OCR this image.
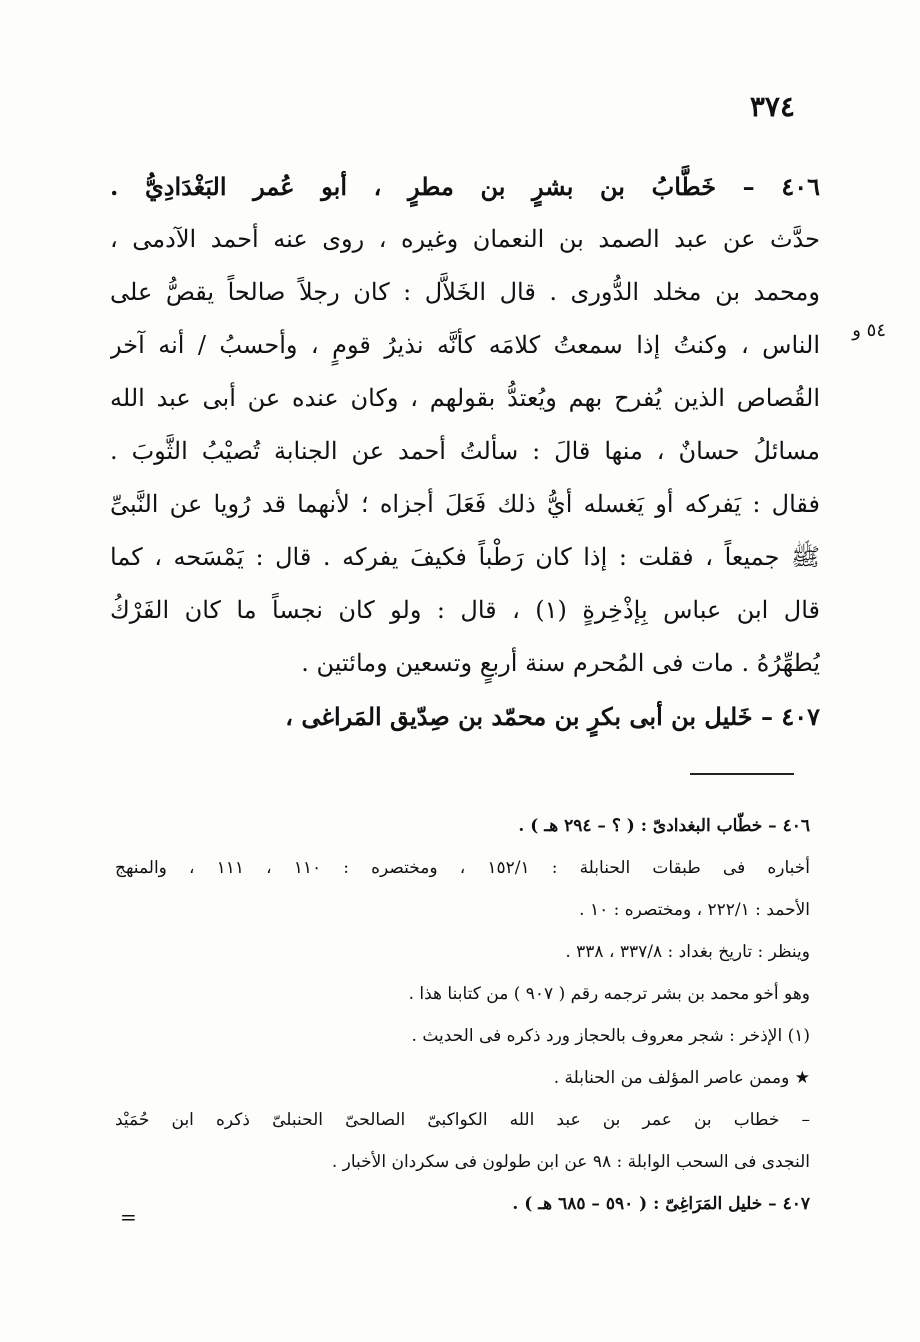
٣٧٤
٥٤ و
٤٠٦ – خَطَّابُ بن بشرٍ بن مطرٍ ، أبو عُمر البَغْدَادِيُّ .
حدَّث عن عبد الصمد بن النعمان وغيره ، روى عنه أحمد الآدمى ،
ومحمد بن مخلد الدُّورى . قال الخَلاَّل : كان رجلاً صالحاً يقصُّ على
الناس ، وكنتُ إذا سمعتُ كلامَه كأنَّه نذيرُ قومٍ ، وأحسبُ / أنه آخر
القُصاص الذين يُفرح بهم ويُعتدُّ بقولهم ، وكان عنده عن أبى عبد الله
مسائلُ حسانٌ ، منها قالَ : سألتُ أحمد عن الجنابة تُصيْبُ الثَّوبَ .
فقال : يَفركه أو يَغسله أيُّ ذلك فَعَلَ أجزاه ؛ لأنهما قد رُويا عن النَّبىِّ
ﷺ جميعاً ، فقلت : إذا كان رَطْباً فكيفَ يفركه . قال : يَمْسَحه ، كما
قال ابن عباس بِإذْخِرةٍ (١) ، قال : ولو كان نجساً ما كان الفَرْكُ
يُطهِّرُهُ . مات فى المُحرم سنة أربعٍ وتسعين ومائتين .
٤٠٧ – خَليل بن أبى بكرٍ بن محمّد بن صِدّيق المَراغى ،
٤٠٦ – خطّاب البغدادىّ : ( ؟ – ٢٩٤ هـ ) .
أخباره فى طبقات الحنابلة : ١٥٢/١ ، ومختصره : ١١٠ ، ١١١ ، والمنهج
الأحمد : ٢٢٢/١ ، ومختصره : ١٠ .
وينظر : تاريخ بغداد : ٣٣٧/٨ ، ٣٣٨ .
وهو أخو محمد بن بشر ترجمه رقم ( ٩٠٧ ) من كتابنا هذا .
(١) الإذخر : شجر معروف بالحجاز ورد ذكره فى الحديث .
★ وممن عاصر المؤلف من الحنابلة .
– خطاب بن عمر بن عبد الله الكواكبىّ الصالحىّ الحنبلىّ ذكره ابن حُمَيْد
النجدى فى السحب الوابلة : ٩٨ عن ابن طولون فى سكردان الأخبار .
٤٠٧ – خليل المَرَاغِىّ : ( ٥٩٠ – ٦٨٥ هـ ) .
=
